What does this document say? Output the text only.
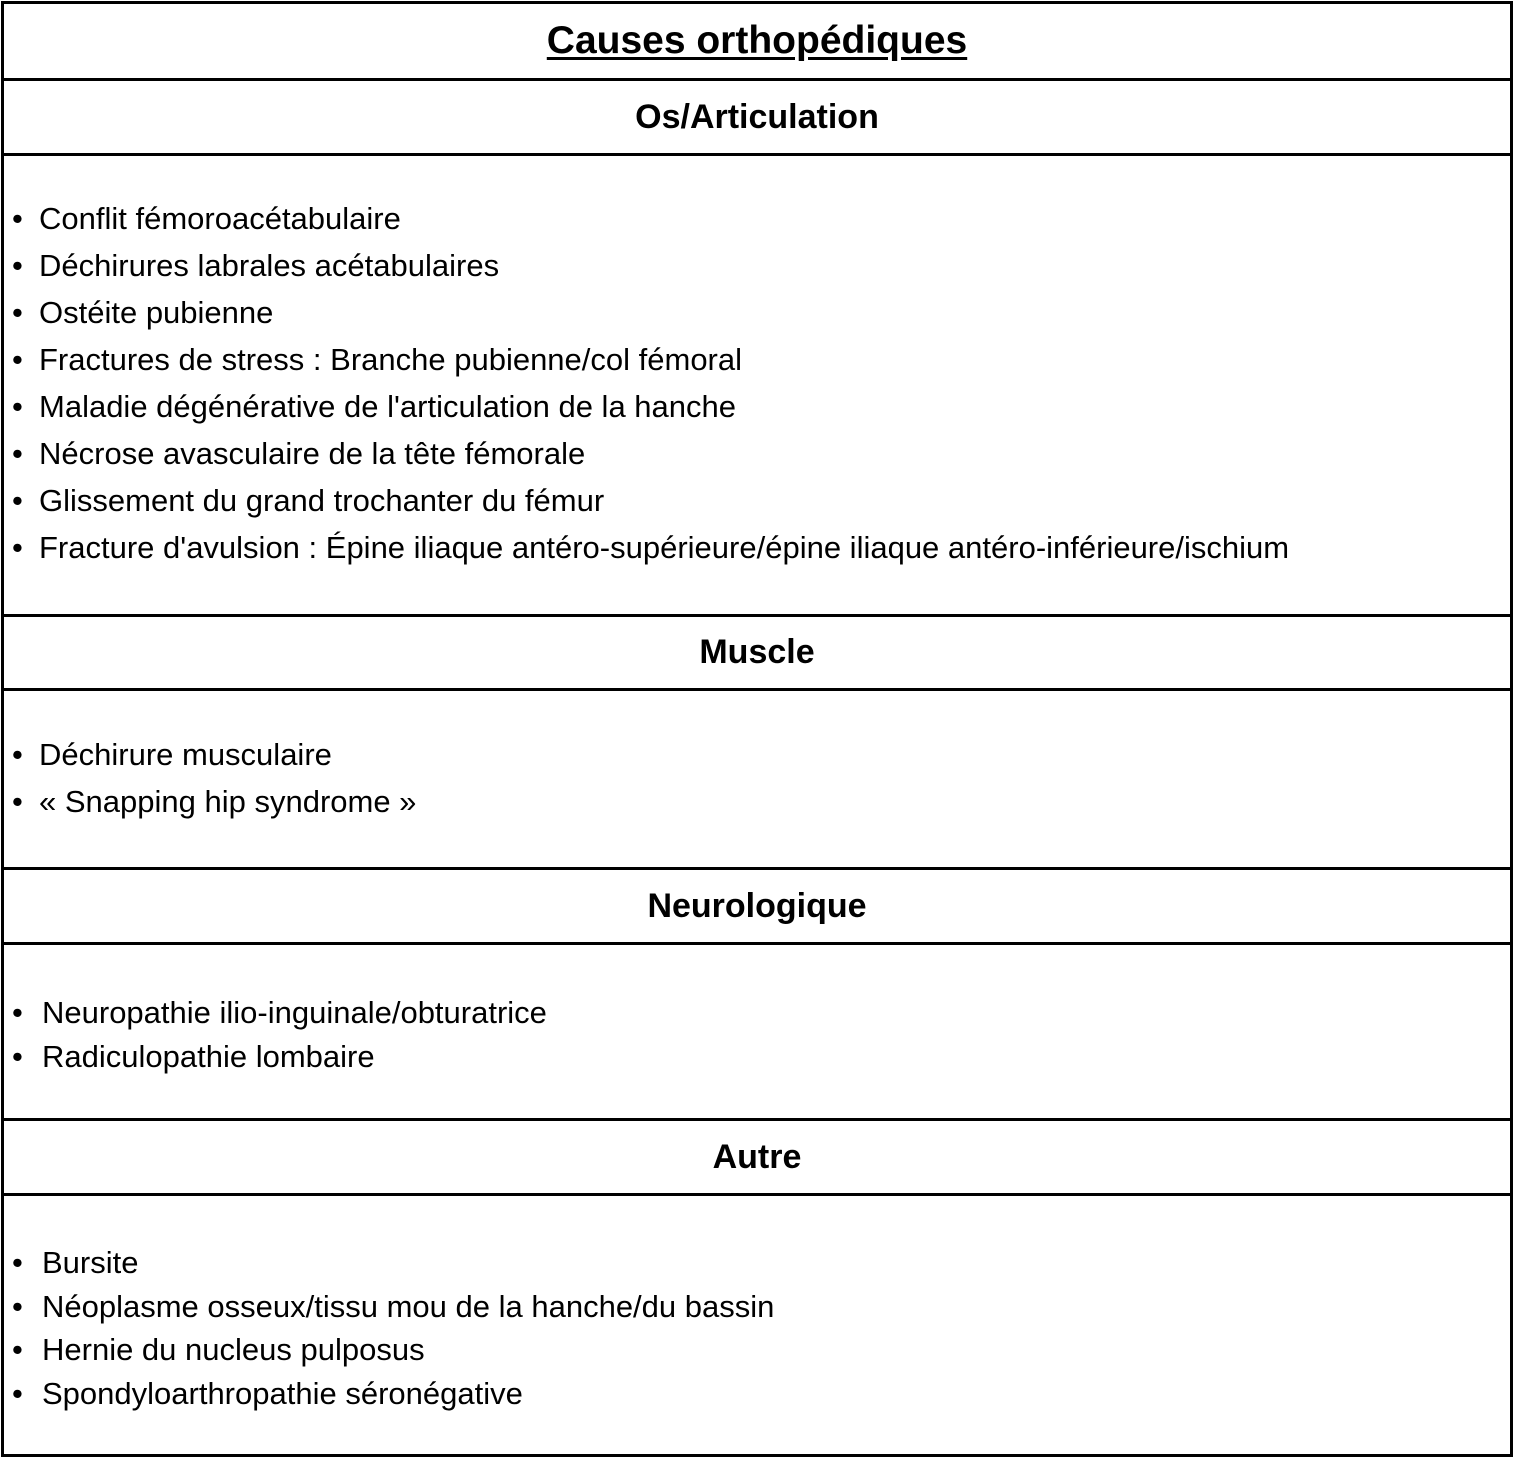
Causes orthopédiques
Os/Articulation
• Conflit fémoroacétabulaire
• Déchirures labrales acétabulaires
• Ostéite pubienne
• Fractures de stress : Branche pubienne/col fémoral
• Maladie dégénérative de l'articulation de la hanche
• Nécrose avasculaire de la tête fémorale
• Glissement du grand trochanter du fémur
• Fracture d'avulsion : Épine iliaque antéro-supérieure/épine iliaque antéro-inférieure/ischium
Muscle
• Déchirure musculaire
• « Snapping hip syndrome »
Neurologique
• Neuropathie ilio-inguinale/obturatrice
• Radiculopathie lombaire
Autre
• Bursite
• Néoplasme osseux/tissu mou de la hanche/du bassin
• Hernie du nucleus pulposus
• Spondyloarthropathie séronégative
